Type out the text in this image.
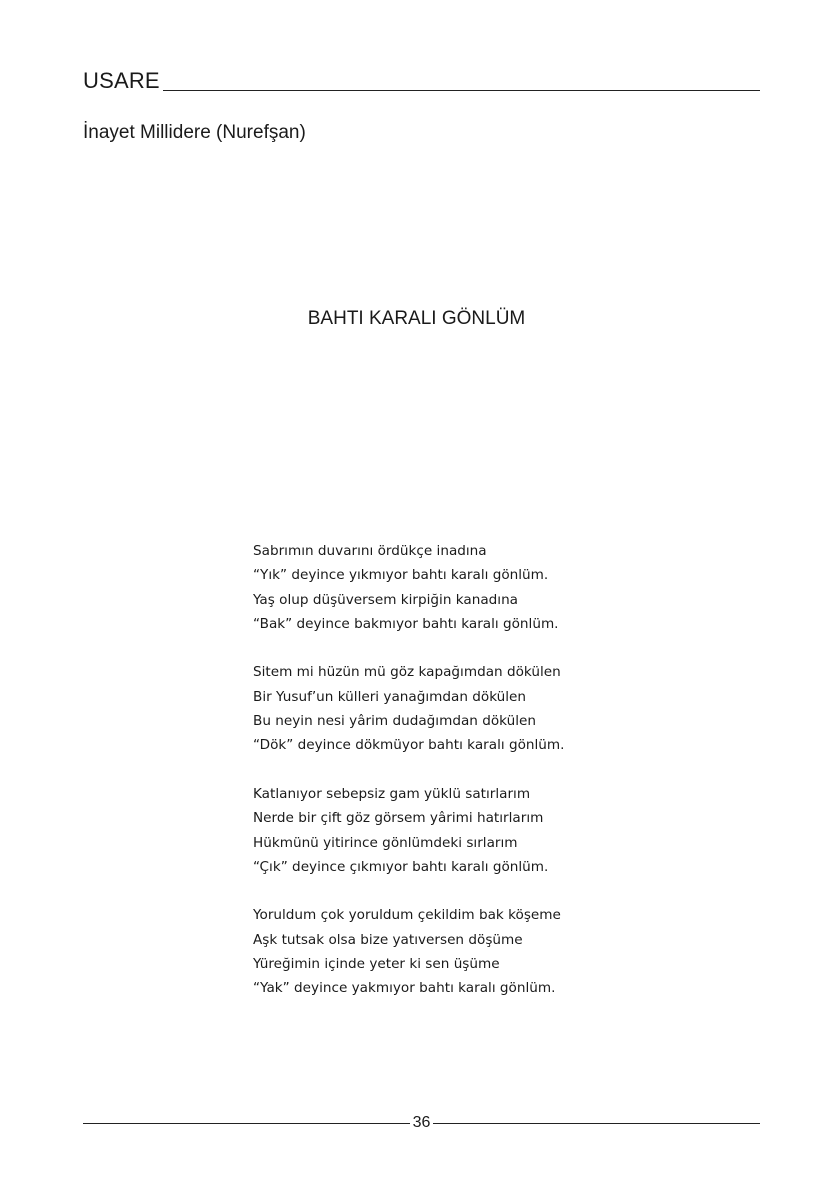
USARE
İnayet Millidere (Nurefşan)
BAHTI KARALI GÖNLÜM
Sabrımın duvarını ördükçe inadına
“Yık” deyince yıkmıyor bahtı karalı gönlüm.
Yaş olup düşüversem kirpiğin kanadına
“Bak” deyince bakmıyor bahtı karalı gönlüm.
Sitem mi hüzün mü göz kapağımdan dökülen
Bir Yusuf’un külleri yanağımdan dökülen
Bu neyin nesi yârim dudağımdan dökülen
“Dök” deyince dökmüyor bahtı karalı gönlüm.
Katlanıyor sebepsiz gam yüklü satırlarım
Nerde bir çift göz görsem yârimi hatırlarım
Hükmünü yitirince gönlümdeki sırlarım
“Çık” deyince çıkmıyor bahtı karalı gönlüm.
Yoruldum çok yoruldum çekildim bak köşeme
Aşk tutsak olsa bize yatıversen döşüme
Yüreğimin içinde yeter ki sen üşüme
“Yak” deyince yakmıyor bahtı karalı gönlüm.
36
